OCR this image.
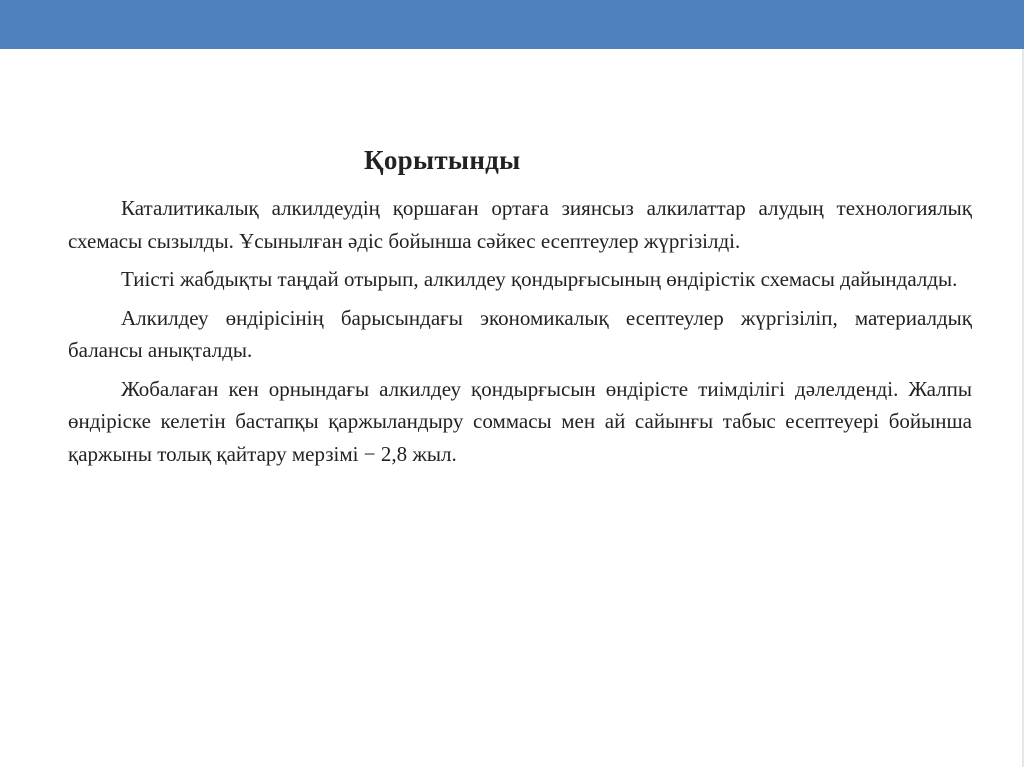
Қорытынды

Каталитикалық алкилдеудің қоршаған ортаға зиянсыз алкилаттар алудың технологиялық схемасы сызылды. Ұсынылған әдіс бойынша сәйкес есептеулер жүргізілді.

Тиісті жабдықты таңдай отырып, алкилдеу қондырғысының өндірістік схемасы дайындалды.

Алкилдеу өндірісінің барысындағы экономикалық есептеулер жүргізіліп, материалдық балансы анықталды.

Жобалаған кен орнындағы алкилдеу қондырғысын өндірісте тиімділігі дәлелденді. Жалпы өндіріске келетін бастапқы қаржыландыру соммасы мен ай сайынғы табыс есептеуері бойынша қаржыны толық қайтару мерзімі − 2,8 жыл.
